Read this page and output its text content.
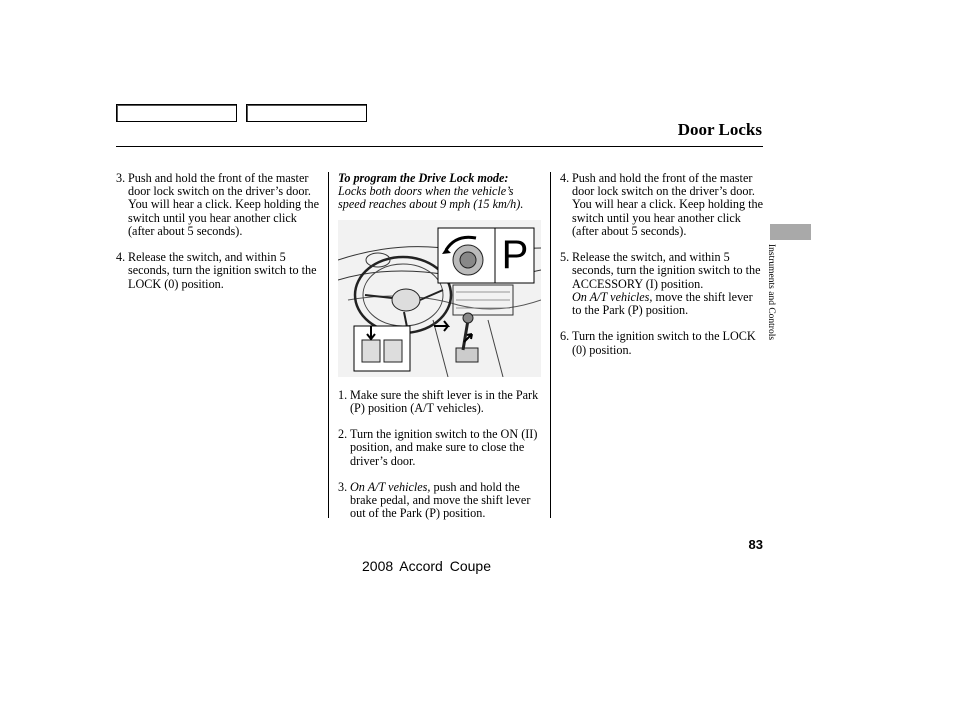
Door Locks
3. Push and hold the front of the master door lock switch on the driver’s door. You will hear a click. Keep holding the switch until you hear another click (after about 5 seconds).
4. Release the switch, and within 5 seconds, turn the ignition switch to the LOCK (0) position.
To program the Drive Lock mode:
Locks both doors when the vehicle’s speed reaches about 9 mph (15 km/h).
P
1. Make sure the shift lever is in the Park (P) position (A/T vehicles).
2. Turn the ignition switch to the ON (II) position, and make sure to close the driver’s door.
3. On A/T vehicles, push and hold the brake pedal, and move the shift lever out of the Park (P) position.
4. Push and hold the front of the master door lock switch on the driver’s door. You will hear a click. Keep holding the switch until you hear another click (after about 5 seconds).
5. Release the switch, and within 5 seconds, turn the ignition switch to the ACCESSORY (I) position.
On A/T vehicles, move the shift lever to the Park (P) position.
6. Turn the ignition switch to the LOCK (0) position.
Instruments and Controls
83
2008 Accord Coupe
